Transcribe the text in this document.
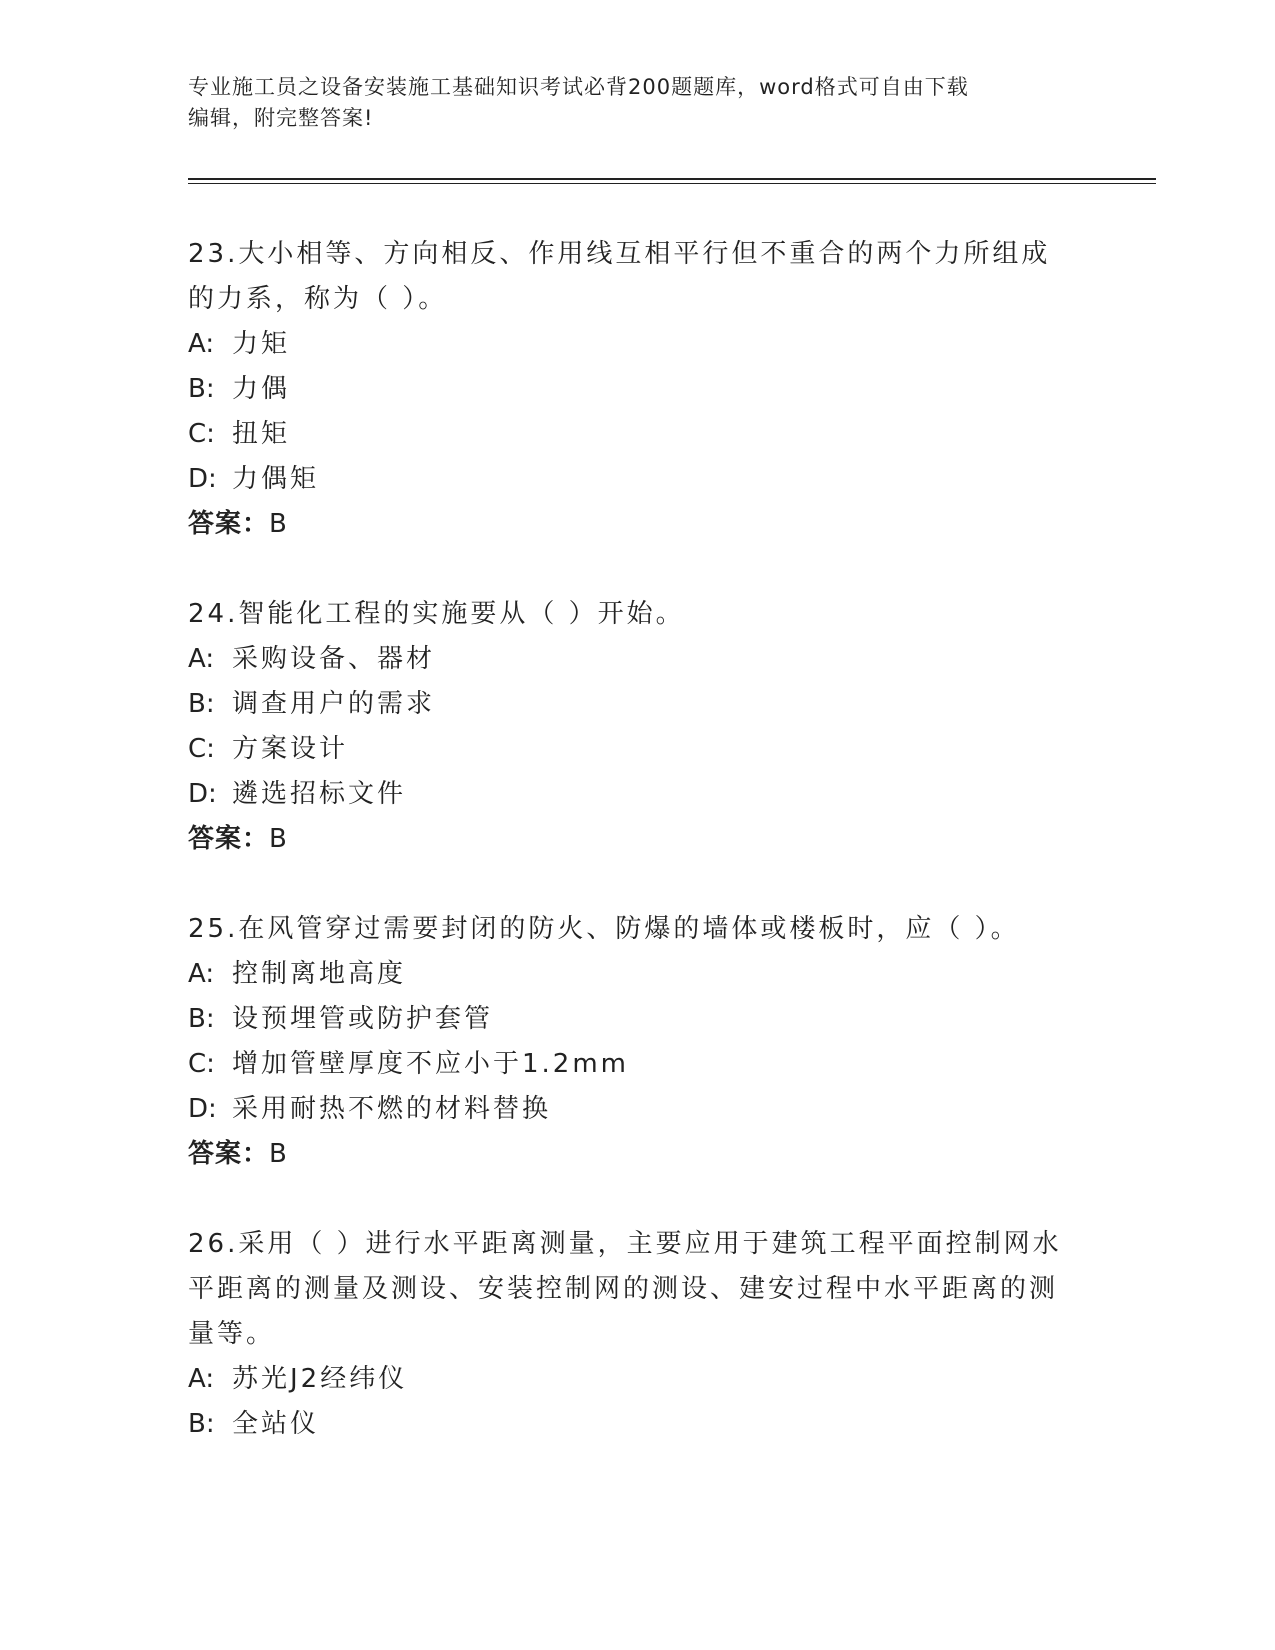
专业施工员之设备安装施工基础知识考试必背200题题库，word格式可自由下载
编辑，附完整答案!

23.大小相等、方向相反、作用线互相平行但不重合的两个力所组成的力系，称为（ ）。

A: 力矩

B: 力偶

C: 扭矩

D: 力偶矩

答案：B

24.智能化工程的实施要从（ ）开始。

A: 采购设备、器材

B: 调查用户的需求

C: 方案设计

D: 遴选招标文件

答案：B

25.在风管穿过需要封闭的防火、防爆的墙体或楼板时，应（ ）。

A: 控制离地高度

B: 设预埋管或防护套管

C: 增加管壁厚度不应小于1.2mm

D: 采用耐热不燃的材料替换

答案：B

26.采用（ ）进行水平距离测量，主要应用于建筑工程平面控制网水平距离的测量及测设、安装控制网的测设、建安过程中水平距离的测量等。

A: 苏光J2经纬仪

B: 全站仪
